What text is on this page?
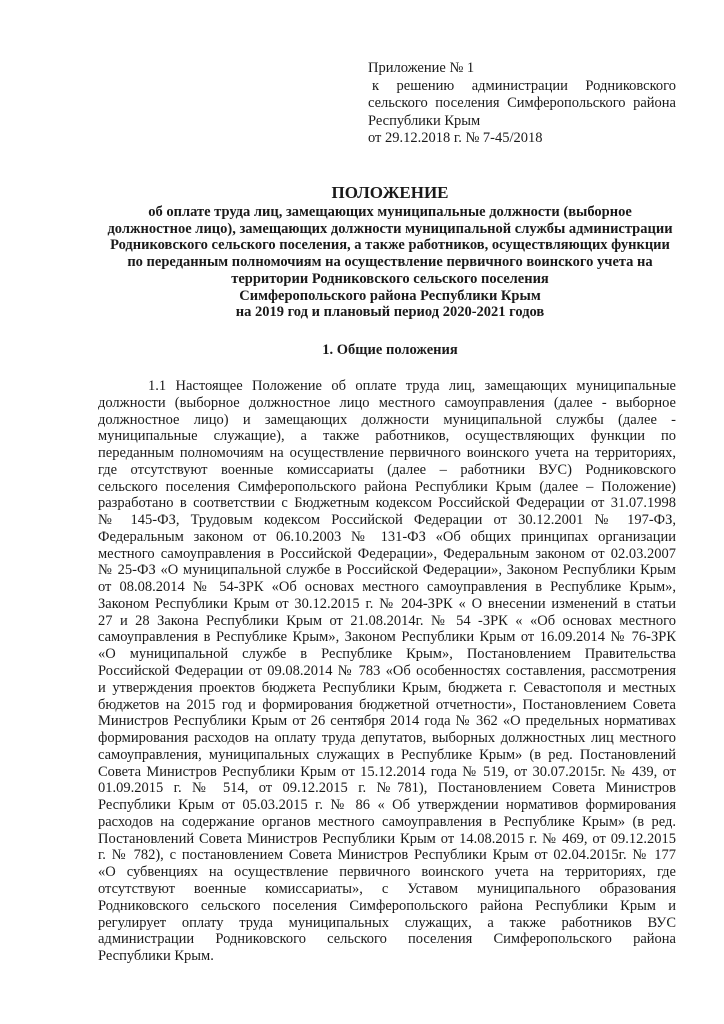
Приложение № 1
к решению администрации Родниковского
сельского поселения Симферопольского района
Республики Крым
от 29.12.2018 г. № 7-45/2018
ПОЛОЖЕНИЕ
об оплате труда лиц, замещающих муниципальные должности (выборное
должностное лицо), замещающих должности муниципальной службы администрации
Родниковского сельского поселения, а также работников, осуществляющих функции
по переданным полномочиям на осуществление первичного воинского учета на
территории Родниковского сельского поселения
Симферопольского района Республики Крым
на 2019 год и плановый период 2020-2021 годов
1. Общие положения
1.1 Настоящее Положение об оплате труда лиц, замещающих муниципальные
должности (выборное должностное лицо местного самоуправления (далее - выборное
должностное лицо) и замещающих должности муниципальной службы (далее -
муниципальные служащие), а также работников, осуществляющих функции по
переданным полномочиям на осуществление первичного воинского учета на территориях,
где отсутствуют военные комиссариаты (далее – работники ВУС) Родниковского
сельского поселения Симферопольского района Республики Крым (далее – Положение)
разработано в соответствии с Бюджетным кодексом Российской Федерации от 31.07.1998
№ 145-ФЗ, Трудовым кодексом Российской Федерации от 30.12.2001 № 197-ФЗ,
Федеральным законом от 06.10.2003 № 131-ФЗ «Об общих принципах организации
местного самоуправления в Российской Федерации», Федеральным законом от 02.03.2007
№ 25-ФЗ «О муниципальной службе в Российской Федерации», Законом Республики Крым
от 08.08.2014 № 54-ЗРК «Об основах местного самоуправления в Республике Крым»,
Законом Республики Крым от 30.12.2015 г. № 204-ЗРК « О внесении изменений в статьи
27 и 28 Закона Республики Крым от 21.08.2014г. № 54 -ЗРК « «Об основах местного
самоуправления в Республике Крым», Законом Республики Крым от 16.09.2014 № 76-ЗРК
«О муниципальной службе в Республике Крым», Постановлением Правительства
Российской Федерации от 09.08.2014 № 783 «Об особенностях составления, рассмотрения
и утверждения проектов бюджета Республики Крым, бюджета г. Севастополя и местных
бюджетов на 2015 год и формирования бюджетной отчетности», Постановлением Совета
Министров Республики Крым от 26 сентября 2014 года № 362 «О предельных нормативах
формирования расходов на оплату труда депутатов, выборных должностных лиц местного
самоуправления, муниципальных служащих в Республике Крым» (в ред. Постановлений
Совета Министров Республики Крым от 15.12.2014 года № 519, от 30.07.2015г. № 439, от
01.09.2015 г. № 514, от 09.12.2015 г. №781), Постановлением Совета Министров
Республики Крым от 05.03.2015 г. № 86 « Об утверждении нормативов формирования
расходов на содержание органов местного самоуправления в Республике Крым» (в ред.
Постановлений Совета Министров Республики Крым от 14.08.2015 г. № 469, от 09.12.2015
г. № 782), с постановлением Совета Министров Республики Крым от 02.04.2015г. № 177
«О субвенциях на осуществление первичного воинского учета на территориях, где
отсутствуют военные комиссариаты», с Уставом муниципального образования
Родниковского сельского поселения Симферопольского района Республики Крым и
регулирует оплату труда муниципальных служащих, а также работников ВУС
администрации Родниковского сельского поселения Симферопольского района
Республики Крым.
